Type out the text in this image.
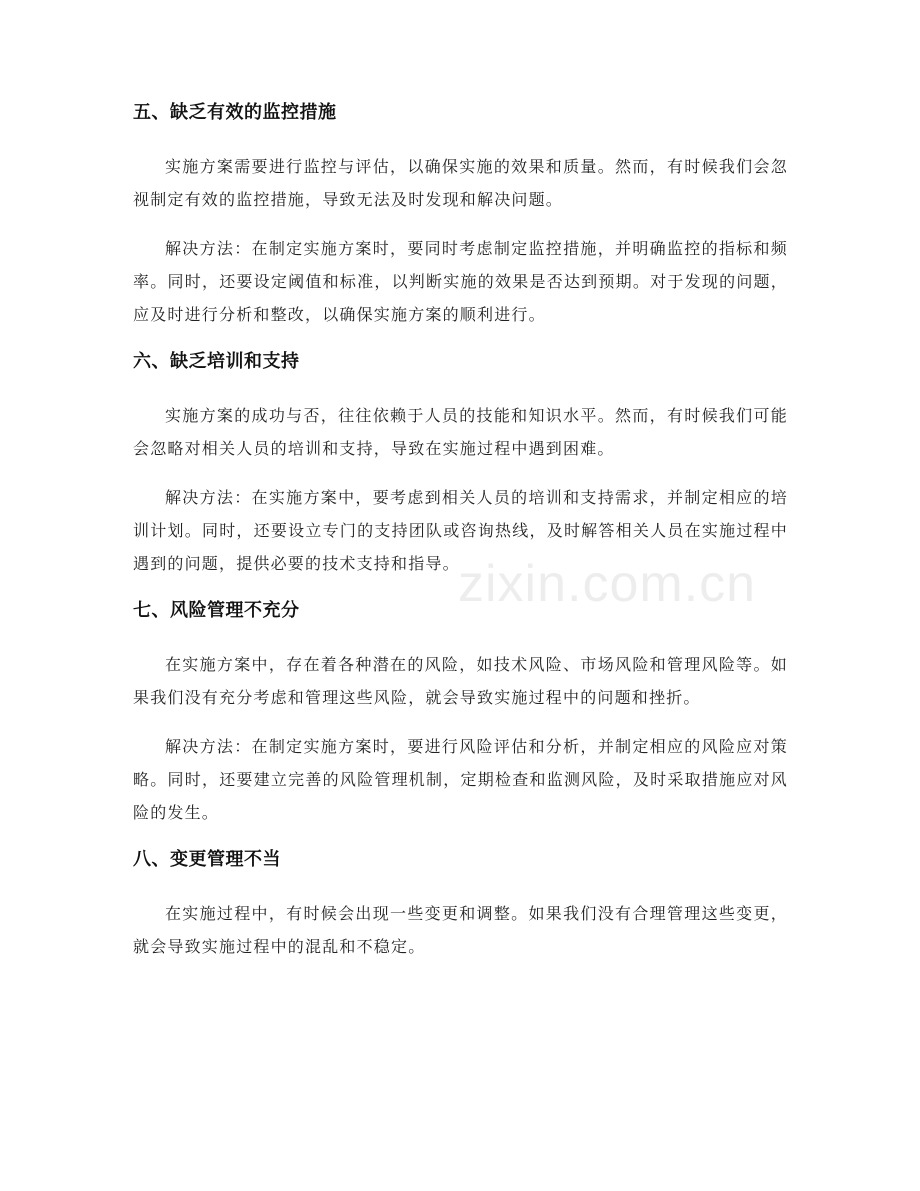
五、缺乏有效的监控措施

实施方案需要进行监控与评估，以确保实施的效果和质量。然而，有时候我们会忽视制定有效的监控措施，导致无法及时发现和解决问题。

解决方法：在制定实施方案时，要同时考虑制定监控措施，并明确监控的指标和频率。同时，还要设定阈值和标准，以判断实施的效果是否达到预期。对于发现的问题，应及时进行分析和整改，以确保实施方案的顺利进行。

六、缺乏培训和支持

实施方案的成功与否，往往依赖于人员的技能和知识水平。然而，有时候我们可能会忽略对相关人员的培训和支持，导致在实施过程中遇到困难。

解决方法：在实施方案中，要考虑到相关人员的培训和支持需求，并制定相应的培训计划。同时，还要设立专门的支持团队或咨询热线，及时解答相关人员在实施过程中遇到的问题，提供必要的技术支持和指导。

七、风险管理不充分

在实施方案中，存在着各种潜在的风险，如技术风险、市场风险和管理风险等。如果我们没有充分考虑和管理这些风险，就会导致实施过程中的问题和挫折。

解决方法：在制定实施方案时，要进行风险评估和分析，并制定相应的风险应对策略。同时，还要建立完善的风险管理机制，定期检查和监测风险，及时采取措施应对风险的发生。

八、变更管理不当

在实施过程中，有时候会出现一些变更和调整。如果我们没有合理管理这些变更，就会导致实施过程中的混乱和不稳定。

zixin.com.cn
